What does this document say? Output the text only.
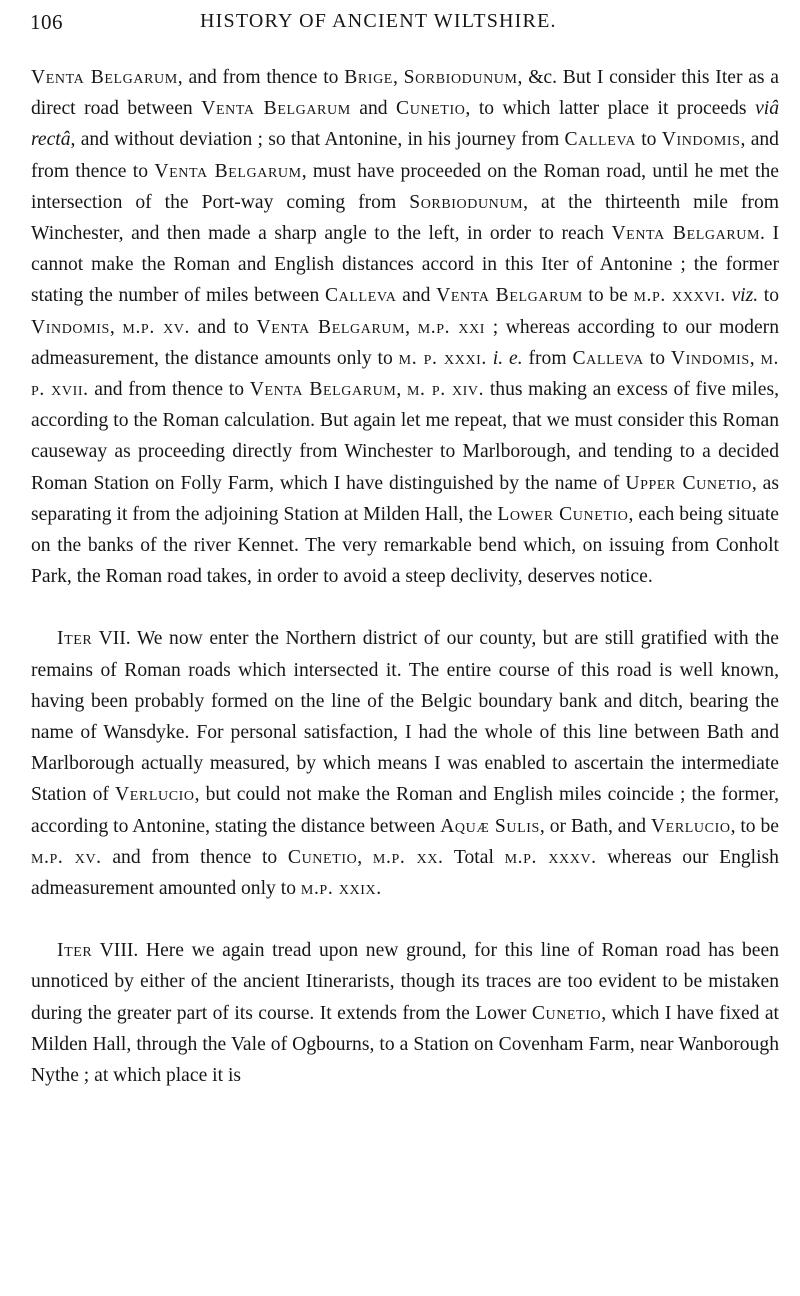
106	HISTORY OF ANCIENT WILTSHIRE.

Venta Belgarum, and from thence to Brige, Sorbiodunum, &c. But I consider this Iter as a direct road between Venta Belgarum and Cunetio, to which latter place it proceeds viâ rectâ, and without deviation ; so that Antonine, in his journey from Calleva to Vindomis, and from thence to Venta Belgarum, must have proceeded on the Roman road, until he met the intersection of the Port-way coming from Sorbiodunum, at the thirteenth mile from Winchester, and then made a sharp angle to the left, in order to reach Venta Belgarum. I cannot make the Roman and English distances accord in this Iter of Antonine ; the former stating the number of miles between Calleva and Venta Belgarum to be m.p. xxxvi. viz. to Vindomis, m.p. xv. and to Venta Belgarum, m.p. xxi ; whereas according to our modern admeasurement, the distance amounts only to m. p. xxxi. i. e. from Calleva to Vindomis, m. p. xvii. and from thence to Venta Belgarum, m. p. xiv. thus making an excess of five miles, according to the Roman calculation. But again let me repeat, that we must consider this Roman causeway as proceeding directly from Winchester to Marlborough, and tending to a decided Roman Station on Folly Farm, which I have distinguished by the name of Upper Cunetio, as separating it from the adjoining Station at Milden Hall, the Lower Cunetio, each being situate on the banks of the river Kennet. The very remarkable bend which, on issuing from Conholt Park, the Roman road takes, in order to avoid a steep declivity, deserves notice.

Iter VII. We now enter the Northern district of our county, but are still gratified with the remains of Roman roads which intersected it. The entire course of this road is well known, having been probably formed on the line of the Belgic boundary bank and ditch, bearing the name of Wansdyke. For personal satisfaction, I had the whole of this line between Bath and Marlborough actually measured, by which means I was enabled to ascertain the intermediate Station of Verlucio, but could not make the Roman and English miles coincide ; the former, according to Antonine, stating the distance between Aquæ Sulis, or Bath, and Verlucio, to be m.p. xv. and from thence to Cunetio, m.p. xx. Total m.p. xxxv. whereas our English admeasurement amounted only to m.p. xxix.

Iter VIII. Here we again tread upon new ground, for this line of Roman road has been unnoticed by either of the ancient Itinerarists, though its traces are too evident to be mistaken during the greater part of its course. It extends from the Lower Cunetio, which I have fixed at Milden Hall, through the Vale of Ogbourns, to a Station on Covenham Farm, near Wanborough Nythe ; at which place it is
